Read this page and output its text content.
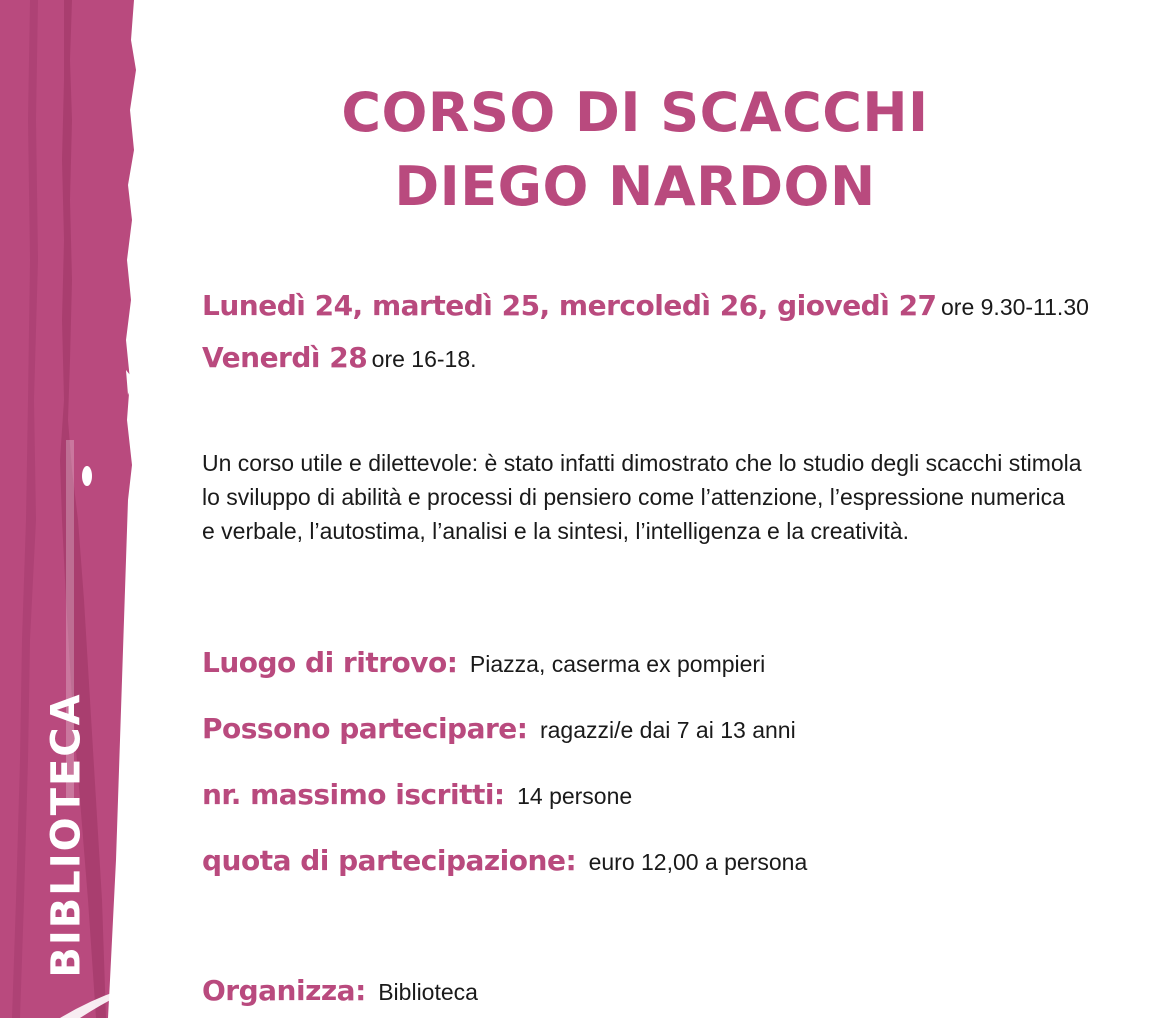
BIBLIOTECA
CORSO DI SCACCHI
DIEGO NARDON
Lunedì 24, martedì 25, mercoledì 26, giovedì 27 ore 9.30-11.30
Venerdì 28 ore 16-18.
Un corso utile e dilettevole: è stato infatti dimostrato che lo studio degli scacchi stimola lo sviluppo di abilità e processi di pensiero come l’attenzione, l’espressione numerica e verbale, l’autostima, l’analisi e la sintesi, l’intelligenza e la creatività.
Luogo di ritrovo: Piazza, caserma ex pompieri
Possono partecipare: ragazzi/e dai 7 ai 13 anni
nr. massimo iscritti: 14 persone
quota di partecipazione: euro 12,00 a persona
Organizza: Biblioteca
